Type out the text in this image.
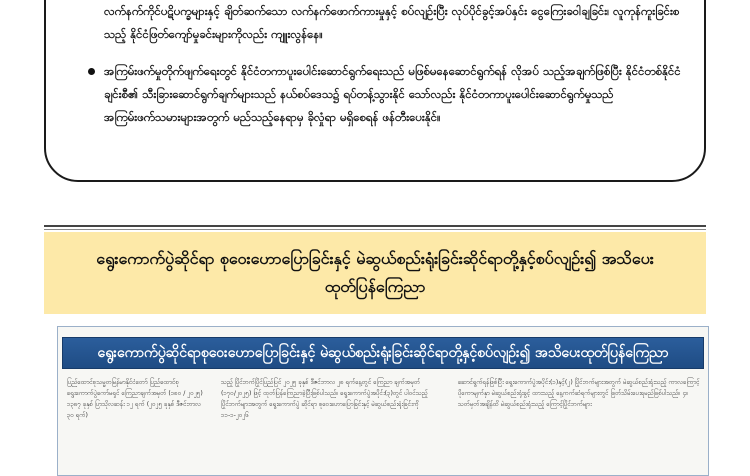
လက်နက်ကိုင်ပဋိပက္ခများနှင့် ချိတ်ဆက်သော လက်နက်ဖောက်ကားမှုနှင့် စပ်လျဉ်းပြီး လုပ်ပိုင်ခွင့်အပ်နှင်း ငွေကြေးခဝါချခြင်း၊ လူကုန်ကူးခြင်းစသည့် နိုင်ငံဖြတ်ကျော်မှုခင်းများကိုလည်း ကျူးလွန်နေ။
အကြမ်းဖက်မှုတိုက်ဖျက်ရေးတွင် နိုင်ငံတကာပူးပေါင်းဆောင်ရွက်ရေးသည် မဖြစ်မနေဆောင်ရွက်ရန် လိုအပ် သည့်အချက်ဖြစ်ပြီး နိုင်ငံတစ်နိုင်ငံချင်းစီ၏ သီးခြားဆောင်ရွက်ချက်များသည် နယ်စပ်ဒေသ၌ ရပ်တန့်သွားနိုင် သော်လည်း နိုင်ငံတကာပူးပေါင်းဆောင်ရွက်မှုသည် အကြမ်းဖက်သမားများအတွက် မည်သည့်နေရာမှ ခိုလှုံရာ မရှိစေရန် ဖန်တီးပေးနိုင်။
ရွေးကောက်ပွဲဆိုင်ရာ စုဝေးဟောပြောခြင်းနှင့် မဲဆွယ်စည်းရုံးခြင်းဆိုင်ရာတို့နှင့်စပ်လျဉ်း၍ အသိပေးထုတ်ပြန်ကြေညာ
ရွေးကောက်ပွဲဆိုင်ရာစုဝေးဟောပြောခြင်းနှင့် မဲဆွယ်စည်းရုံးခြင်းဆိုင်ရာတို့နှင့်စပ်လျဉ်း၍ အသိပေးထုတ်ပြန်ကြေညာ
ပြည်ထောင်စုသမ္မတမြန်မာနိုင်ငံတော် ပြည်ထောင်စုရွေးကောက်ပွဲကော်မရှင် ကြေညာချက်အမှတ် (၁၈၀ / ၂၀၂၅) ၁၃၈၇ ခုနှစ် ပြာသိုလဆန်း ၁၂ ရက် (၂၀၂၅ ခုနှစ် ဒီဇင်ဘာလ ၃၀ ရက်)
သည့် ပြိုင်ဘက်ပြိုင်ပြည်ပြင် ၂၀၂၅ ခုနှစ် ဒီဇင်ဘာလ ၂၈ ရက်နေ့တွင် ကြေညာ ချက်အမှတ် (၁၇၀/၂၀၂၅) ဖြင့် ထုတ်ပြန်ကြေညာခဲ့ပြီးဖြစ်ပါသည်။ ရွေးကောက်ပွဲအပိုင်း(၃)တွင် ပါဝင်သည့်ပြိုင်ဘက်များအတွက် ရွေးကောက်ပွဲ ဆိုင်ရာ စုဝေးဟောပြောခြင်းနှင့် မဲဆွယ်စည်းရုံးခြင်းကို ၁၁-၁-၂၀၂၆
ဆောင်ရွက်ရန်ဖြစ်ပြီး ရွေးကောက်ပွဲအပိုင်း(၁)နှင့်(၂) ပြိုင်ဘက်များအတွက် မဲဆွယ်စည်းရုံးသည့် ကာလကြောင့် ပိုကောမျက်နှာ မဲဆွယ်စည်းရုံးခွင့် ထားသည့် နေ့ကက်ဆံရက်များတွင် ဖြတ်သိမ်းပေးရမည်ဖြစ်ပါသည်။ ၄။ သတ်မှတ်အချိန်ထိ မဲဆွယ်စည်းရုံးသည့် ကြောင့်ပြိုင်ဘက်များ
